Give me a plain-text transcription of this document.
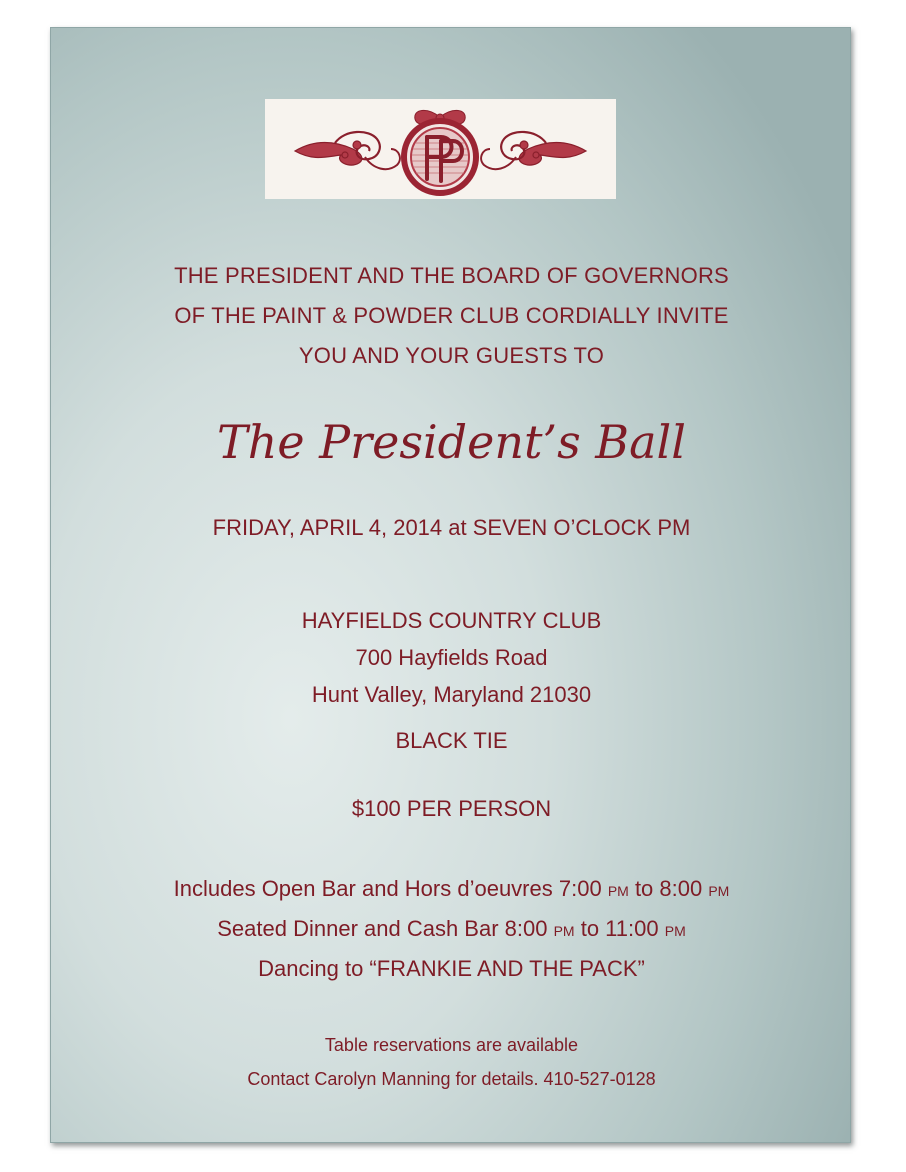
THE PRESIDENT AND THE BOARD OF GOVERNORS
OF THE PAINT & POWDER CLUB CORDIALLY INVITE
YOU AND YOUR GUESTS TO
The President’s Ball
FRIDAY, APRIL 4, 2014 at SEVEN O’CLOCK PM
HAYFIELDS COUNTRY CLUB
700 Hayfields Road
Hunt Valley, Maryland 21030
BLACK TIE
$100 PER PERSON
Includes Open Bar and Hors d’oeuvres 7:00 PM to 8:00 PM
Seated Dinner and Cash Bar 8:00 PM to 11:00 PM
Dancing to “FRANKIE AND THE PACK”
Table reservations are available
Contact Carolyn Manning for details. 410-527-0128
